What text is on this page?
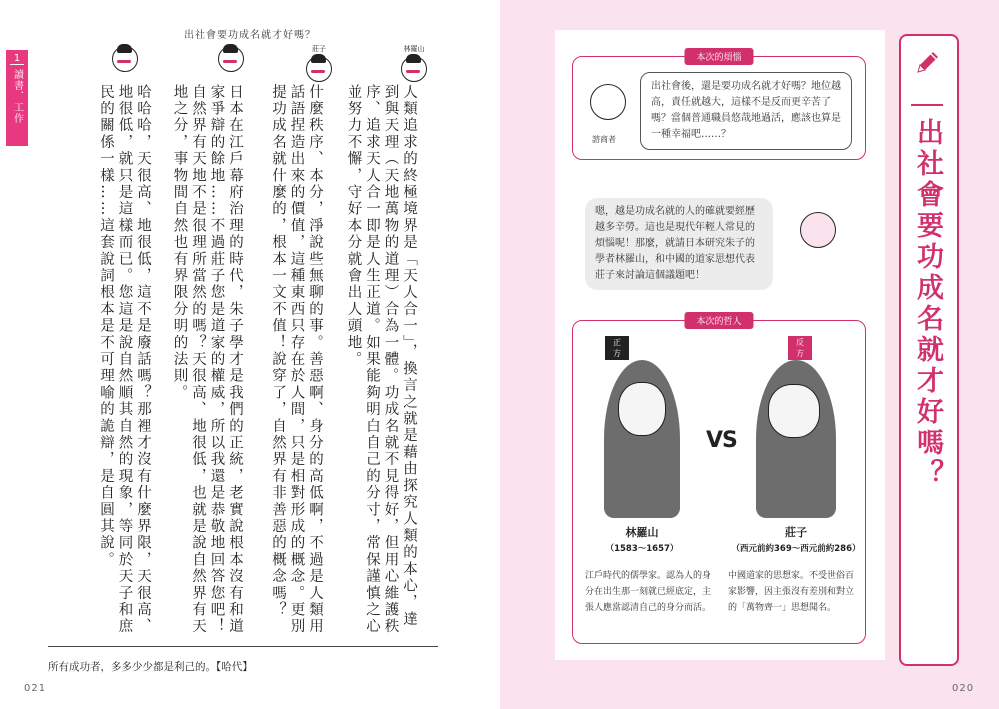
出社會要功成名就才好嗎？
1
讀書．工作
林羅山
莊子
人類追求的終極境界是「天人合一」，換言之就是藉由探究人類的本心，達到與天理（天地萬物的道理）合為一體。功成名就不見得好，但用心維護秩序、追求天人合一即是人生正道。如果能夠明白自己的分寸，常保謹慎之心並努力不懈，守好本分就會出人頭地。
什麼秩序、本分，淨說些無聊的事。善惡啊、身分的高低啊，不過是人類用話語捏造出來的價值，這種東西只存在於人間，只是相對形成的概念。更別提功成名就什麼的，根本一文不值！說穿了，自然界有非善惡的概念嗎？
日本在江戶幕府治理的時代，朱子學才是我們的正統，老實說根本沒有和道家爭辯的餘地……不過莊子您是道家的權威，所以我還是恭敬地回答您吧！自然界有天地不是很理所當然的嗎？天很高、地很低，也就是說自然界有天地之分，事物間自然也有界限分明的法則。
哈哈哈，天很高、地很低，這不是廢話嗎？那裡才沒有什麼界限，天很高、地很低，就只是這樣而已。您這是說自然順其自然的現象，等同於天子和庶民的關係一樣……這套說詞根本是不可理喻的詭辯，是自圓其說。
所有成功者，多多少少都是利己的。【哈代】
021
本次的煩惱
諮商者
出社會後，還是要功成名就才好嗎？地位越高，責任就越大，這樣不是反而更辛苦了嗎？當個普通職員悠哉地過活，應該也算是一種幸福吧……？
嗯，越是功成名就的人的確就要經歷越多辛勞。這也是現代年輕人常見的煩惱呢！那麼，就請日本研究朱子的學者林羅山，和中國的道家思想代表莊子來討論這個議題吧！
本次的哲人
正方
林羅山
（1583～1657）
江戶時代的儒學家。認為人的身分在出生那一刻就已經底定，主張人應當認清自己的身分而活。
VS
反方
莊子
（西元前約369～西元前約286）
中國道家的思想家。不受世俗百家影響，因主張沒有差別和對立的「萬物齊一」思想聞名。
出社會要功成名就才好嗎？
020
